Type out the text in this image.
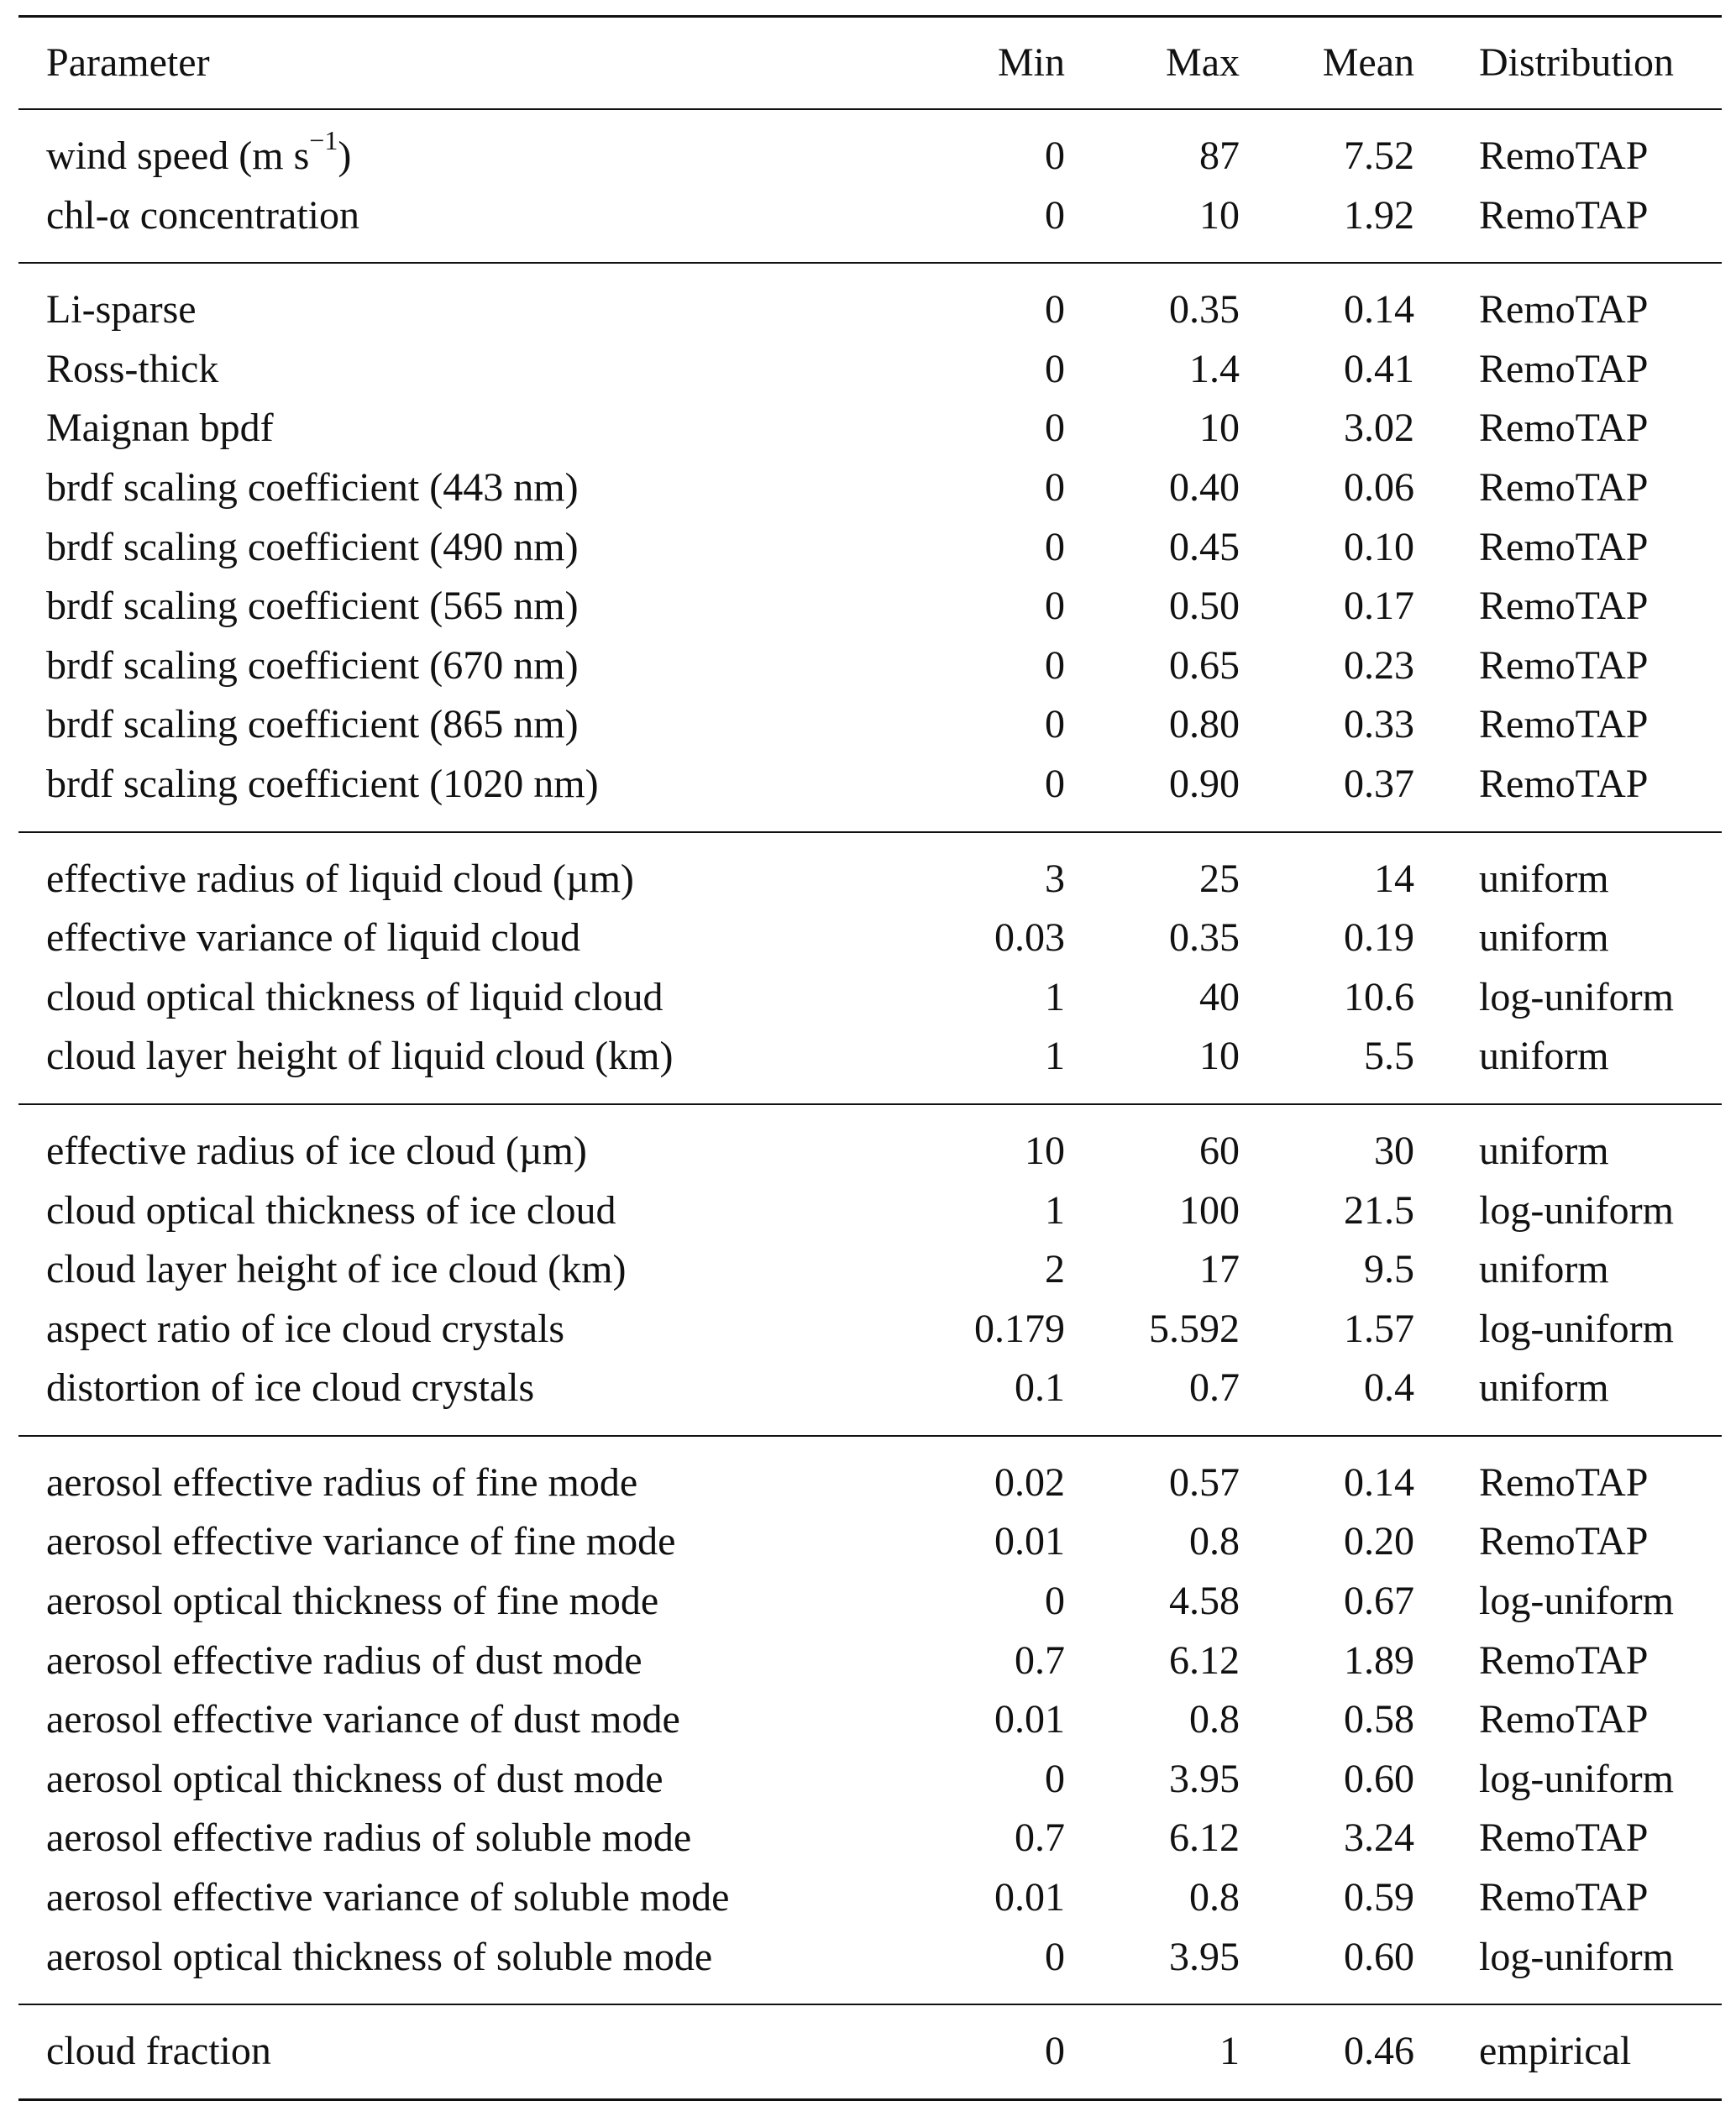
Parameter	Min	Max	Mean	Distribution
wind speed (m $s^{-1}$)	0	87	7.52	RemoTAP
chl-α concentration	0	10	1.92	RemoTAP
Li-sparse	0	0.35	0.14	RemoTAP
Ross-thick	0	1.4	0.41	RemoTAP
Maignan bpdf	0	10	3.02	RemoTAP
brdf scaling coefficient (443 nm)	0	0.40	0.06	RemoTAP
brdf scaling coefficient (490 nm)	0	0.45	0.10	RemoTAP
brdf scaling coefficient (565 nm)	0	0.50	0.17	RemoTAP
brdf scaling coefficient (670 nm)	0	0.65	0.23	RemoTAP
brdf scaling coefficient (865 nm)	0	0.80	0.33	RemoTAP
brdf scaling coefficient (1020 nm)	0	0.90	0.37	RemoTAP
effective radius of liquid cloud (µm)	3	25	14	uniform
effective variance of liquid cloud	0.03	0.35	0.19	uniform
cloud optical thickness of liquid cloud	1	40	10.6	log-uniform
cloud layer height of liquid cloud (km)	1	10	5.5	uniform
effective radius of ice cloud (µm)	10	60	30	uniform
cloud optical thickness of ice cloud	1	100	21.5	log-uniform
cloud layer height of ice cloud (km)	2	17	9.5	uniform
aspect ratio of ice cloud crystals	0.179	5.592	1.57	log-uniform
distortion of ice cloud crystals	0.1	0.7	0.4	uniform
aerosol effective radius of fine mode	0.02	0.57	0.14	RemoTAP
aerosol effective variance of fine mode	0.01	0.8	0.20	RemoTAP
aerosol optical thickness of fine mode	0	4.58	0.67	log-uniform
aerosol effective radius of dust mode	0.7	6.12	1.89	RemoTAP
aerosol effective variance of dust mode	0.01	0.8	0.58	RemoTAP
aerosol optical thickness of dust mode	0	3.95	0.60	log-uniform
aerosol effective radius of soluble mode	0.7	6.12	3.24	RemoTAP
aerosol effective variance of soluble mode	0.01	0.8	0.59	RemoTAP
aerosol optical thickness of soluble mode	0	3.95	0.60	log-uniform
cloud fraction	0	1	0.46	empirical
